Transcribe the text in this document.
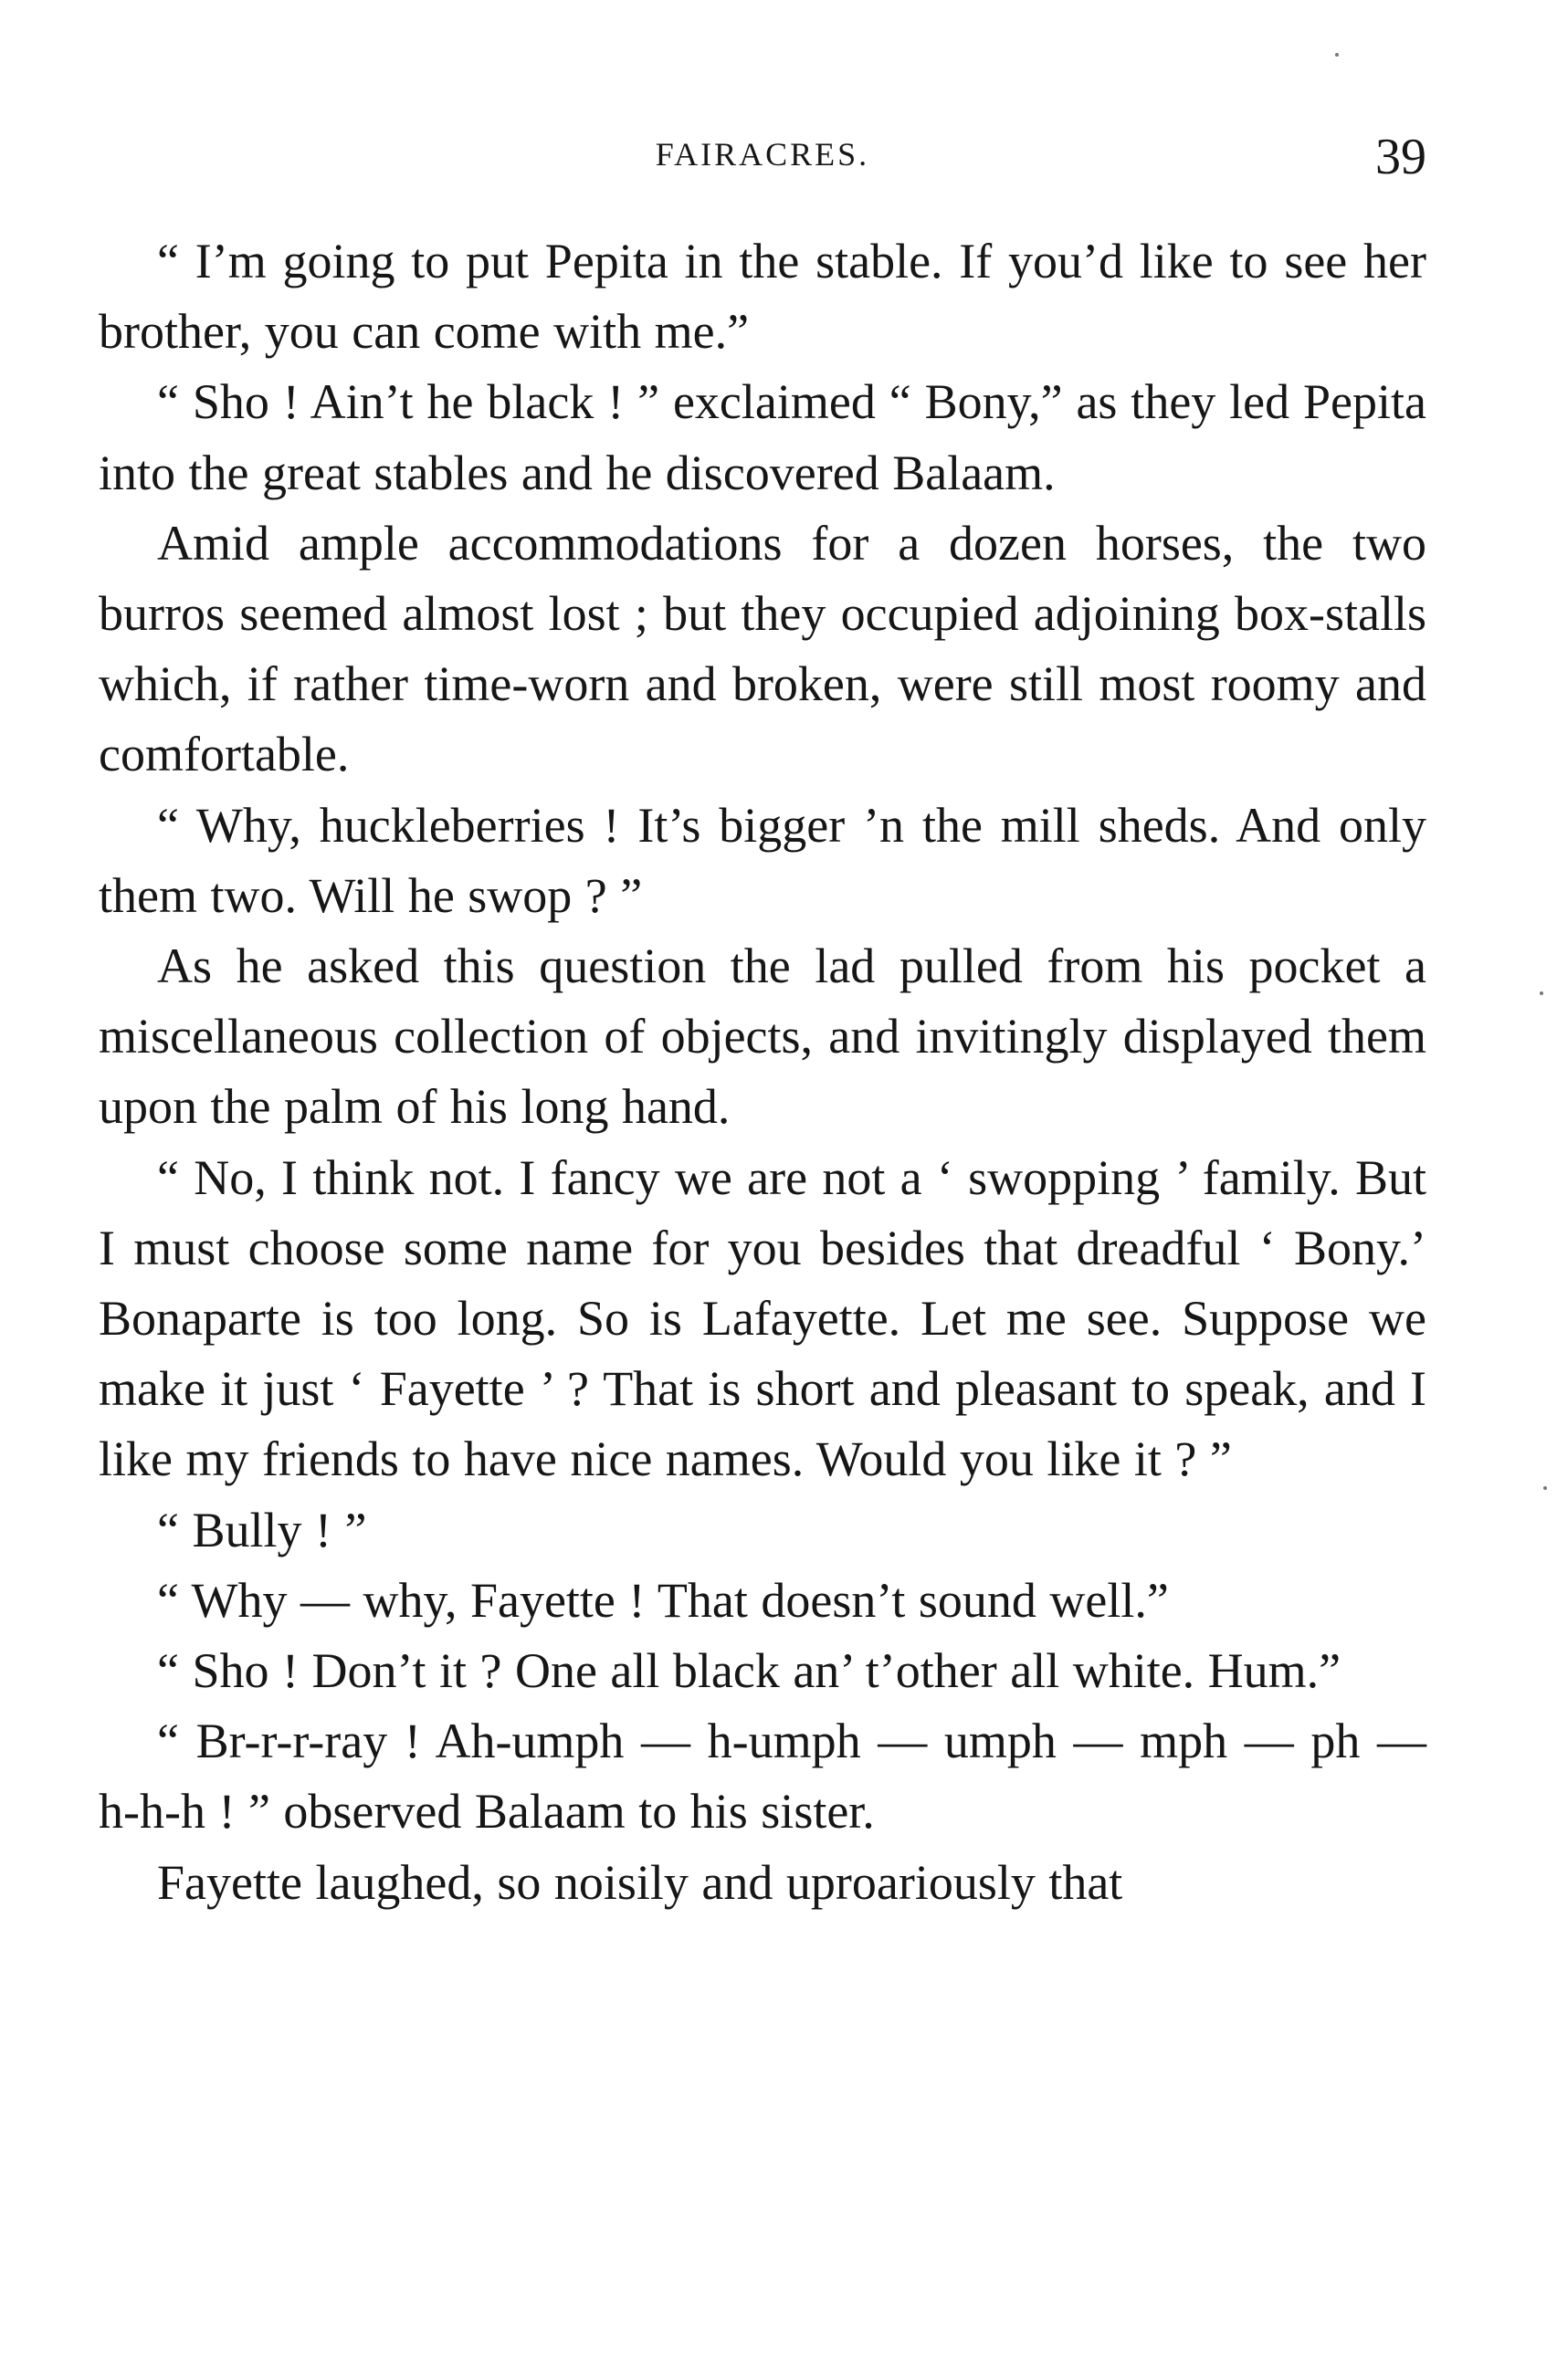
FAIRACRES.	39

“ I’m going to put Pepita in the stable. If you’d like to see her brother, you can come with me.”

“ Sho ! Ain’t he black ! ” exclaimed “ Bony,” as they led Pepita into the great stables and he discovered Balaam.

Amid ample accommodations for a dozen horses, the two burros seemed almost lost ; but they occupied adjoining box-stalls which, if rather time-worn and broken, were still most roomy and comfortable.

“ Why, huckleberries ! It’s bigger ’n the mill sheds. And only them two. Will he swop ? ”

As he asked this question the lad pulled from his pocket a miscellaneous collection of objects, and invitingly displayed them upon the palm of his long hand.

“ No, I think not. I fancy we are not a ‘ swopping ’ family. But I must choose some name for you besides that dreadful ‘ Bony.’ Bonaparte is too long. So is Lafayette. Let me see. Suppose we make it just ‘ Fayette ’ ? That is short and pleasant to speak, and I like my friends to have nice names. Would you like it ? ”

“ Bully ! ”

“ Why — why, Fayette ! That doesn’t sound well.”

“ Sho ! Don’t it ? One all black an’ t’other all white. Hum.”

“ Br-r-r-ray ! Ah-umph — h-umph — umph — mph — ph — h-h-h ! ” observed Balaam to his sister.

Fayette laughed, so noisily and uproariously that
